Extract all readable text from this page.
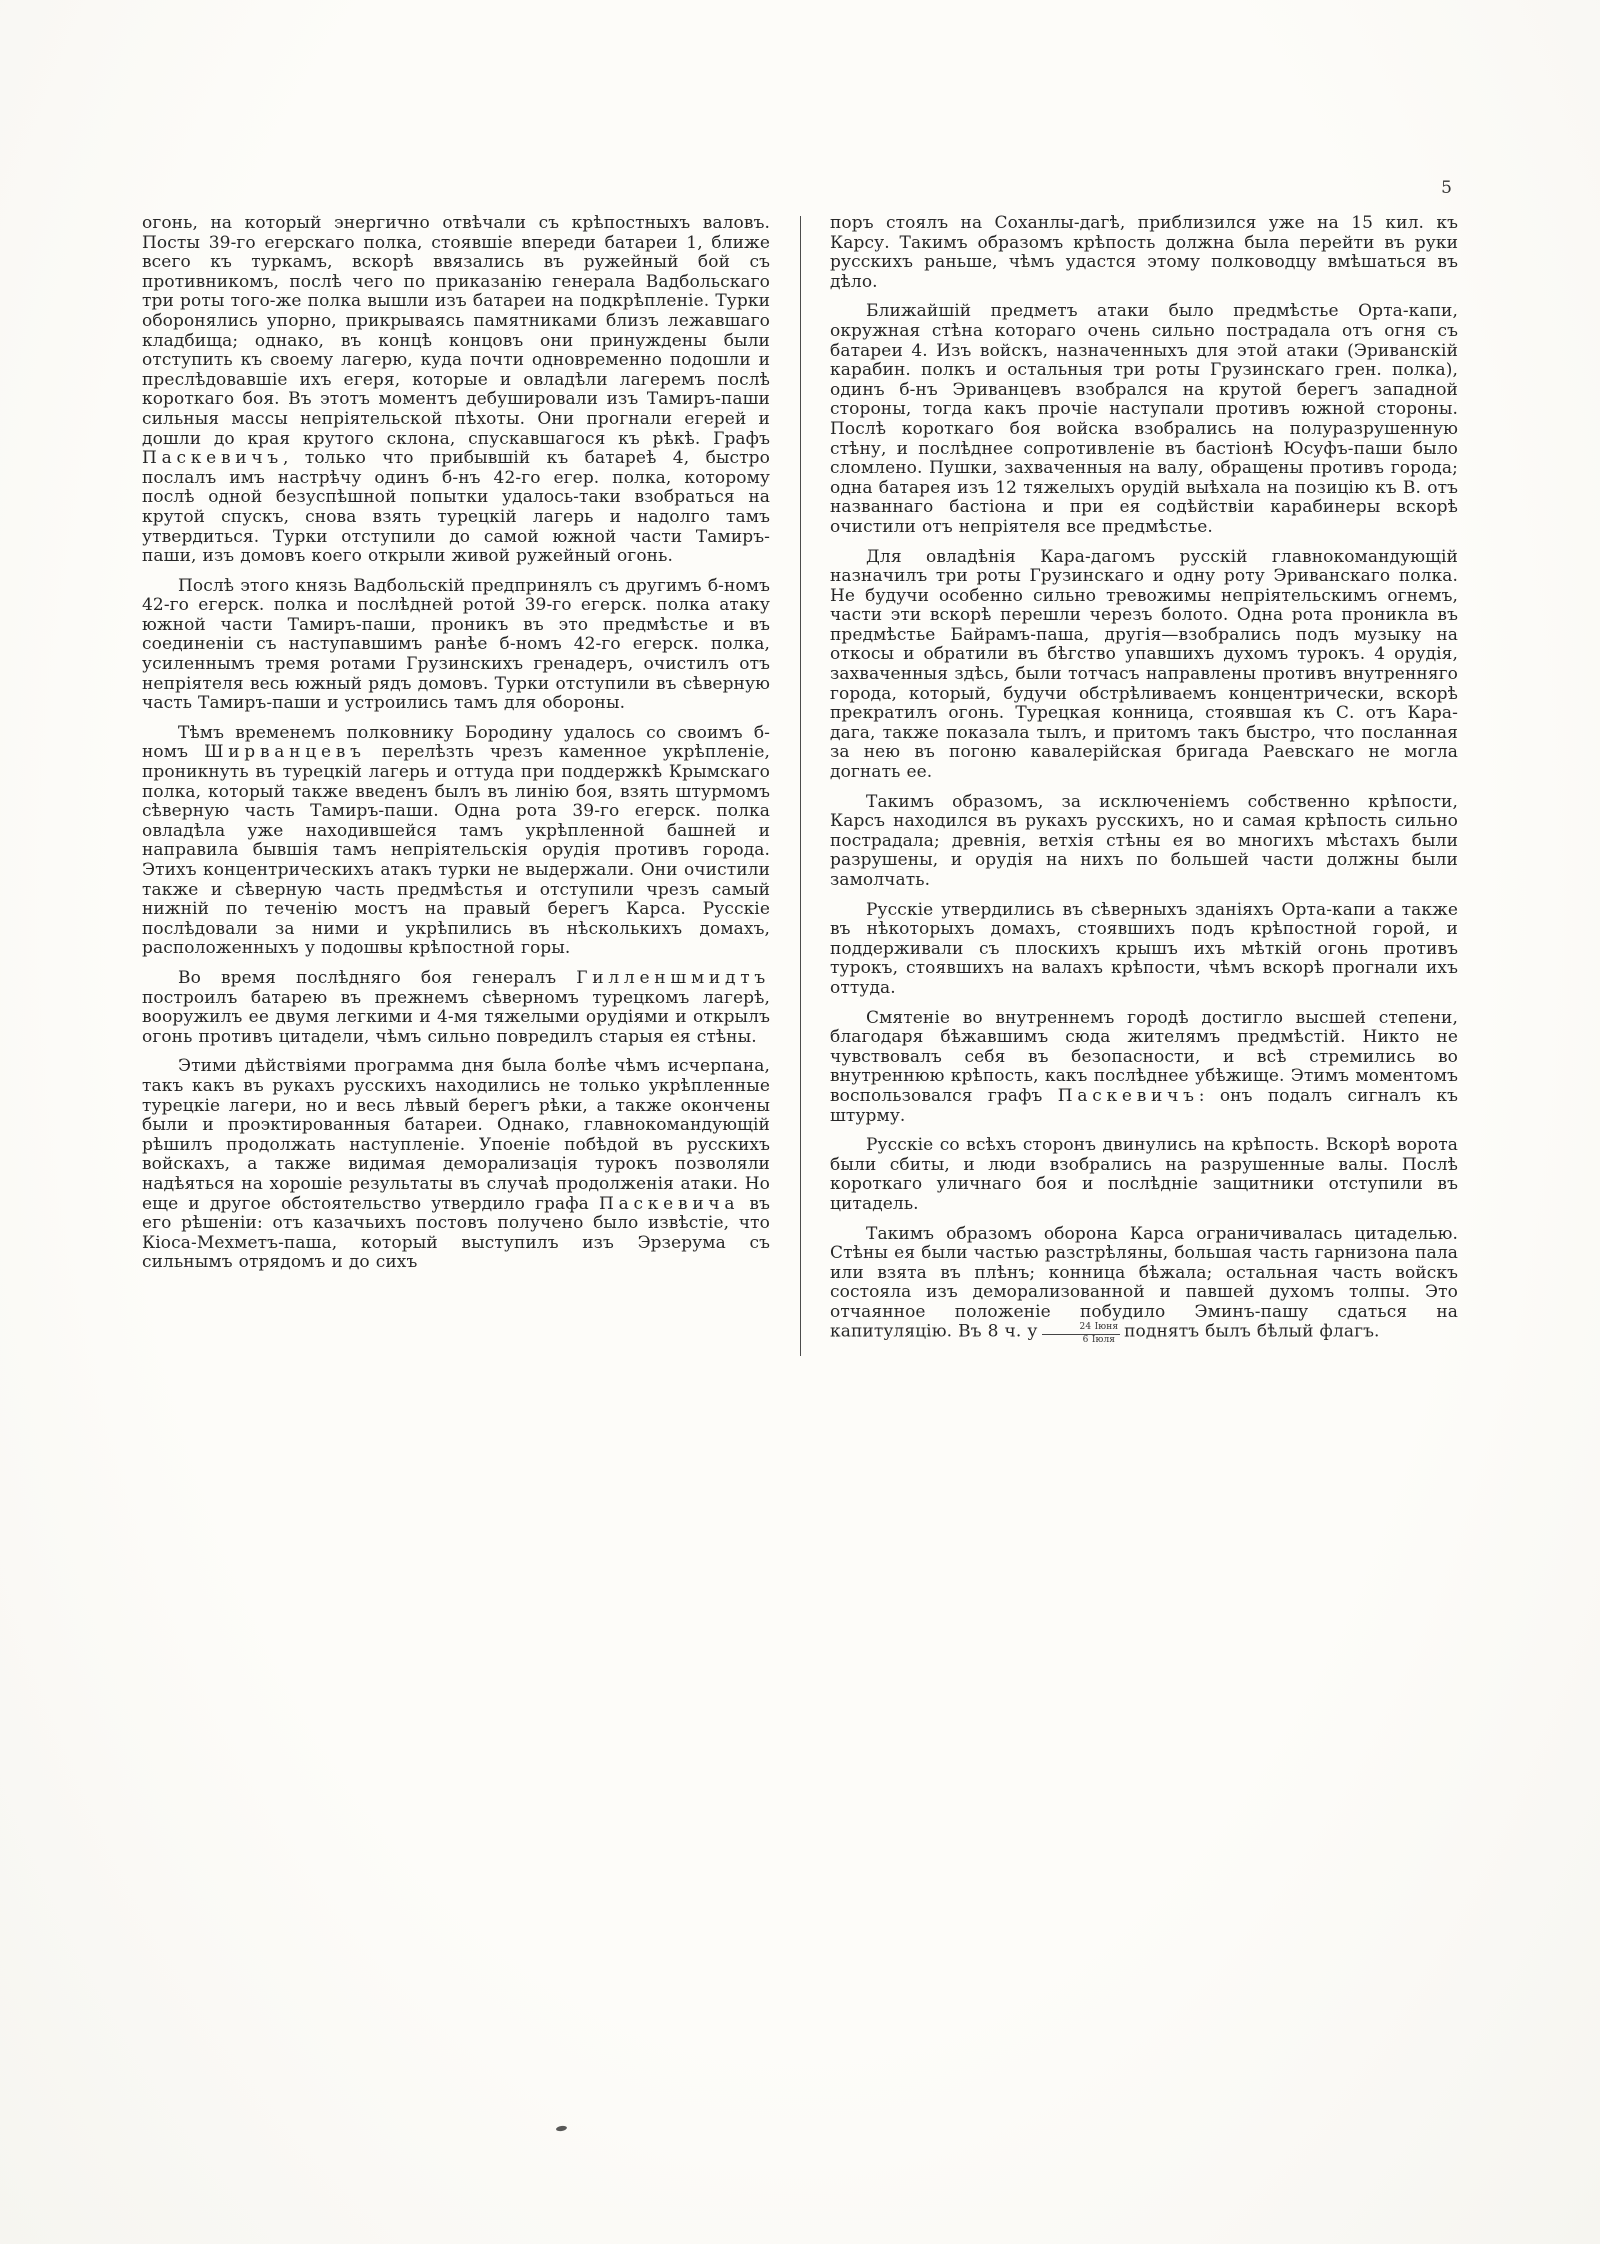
5

огонь, на который энергично отвѣчали съ крѣпостныхъ валовъ. Посты 39-го егерскаго полка, стоявшіе впереди батареи 1, ближе всего къ туркамъ, вскорѣ ввязались въ ружейный бой съ противникомъ, послѣ чего по приказанію генерала Вадбольскаго три роты того-же полка вышли изъ батареи на подкрѣпленіе. Турки оборонялись упорно, прикрываясь памятниками близъ лежавшаго кладбища; однако, въ концѣ концовъ они принуждены были отступить къ своему лагерю, куда почти одновременно подошли и преслѣдовавшіе ихъ егеря, которые и овладѣли лагеремъ послѣ короткаго боя. Въ этотъ моментъ дебушировали изъ Тамиръ-паши сильныя массы непріятельской пѣхоты. Они прогнали егерей и дошли до края крутого склона, спускавшагося къ рѣкѣ. Графъ Паскевичъ, только что прибывшій къ батареѣ 4, быстро послалъ имъ настрѣчу одинъ б-нъ 42-го егер. полка, которому послѣ одной безуспѣшной попытки удалось-таки взобраться на крутой спускъ, снова взять турецкій лагерь и надолго тамъ утвердиться. Турки отступили до самой южной части Тамиръ-паши, изъ домовъ коего открыли живой ружейный огонь.

Послѣ этого князь Вадбольскій предпринялъ съ другимъ б-номъ 42-го егерск. полка и послѣдней ротой 39-го егерск. полка атаку южной части Тамиръ-паши, проникъ въ это предмѣстье и въ соединеніи съ наступавшимъ ранѣе б-номъ 42-го егерск. полка, усиленнымъ тремя ротами Грузинскихъ гренадеръ, очистилъ отъ непріятеля весь южный рядъ домовъ. Турки отступили въ сѣверную часть Тамиръ-паши и устроились тамъ для обороны.

Тѣмъ временемъ полковнику Бородину удалось со своимъ б-номъ Ширванцевъ перелѣзть чрезъ каменное укрѣпленіе, проникнуть въ турецкій лагерь и оттуда при поддержкѣ Крымскаго полка, который также введенъ былъ въ линію боя, взять штурмомъ сѣверную часть Тамиръ-паши. Одна рота 39-го егерск. полка овладѣла уже находившейся тамъ укрѣпленной башней и направила бывшія тамъ непріятельскія орудія противъ города. Этихъ концентрическихъ атакъ турки не выдержали. Они очистили также и сѣверную часть предмѣстья и отступили чрезъ самый нижній по теченію мостъ на правый берегъ Карса. Русскіе послѣдовали за ними и укрѣпились въ нѣсколькихъ домахъ, расположенныхъ у подошвы крѣпостной горы.

Во время послѣдняго боя генералъ Гилленшмидтъ построилъ батарею въ прежнемъ сѣверномъ турецкомъ лагерѣ, вооружилъ ее двумя легкими и 4-мя тяжелыми орудіями и открылъ огонь противъ цитадели, чѣмъ сильно повредилъ старыя ея стѣны.

Этими дѣйствіями программа дня была болѣе чѣмъ исчерпана, такъ какъ въ рукахъ русскихъ находились не только укрѣпленные турецкіе лагери, но и весь лѣвый берегъ рѣки, а также окончены были и проэктированныя батареи. Однако, главнокомандующій рѣшилъ продолжать наступленіе. Упоеніе побѣдой въ русскихъ войскахъ, а также видимая деморализація турокъ позволяли надѣяться на хорошіе результаты въ случаѣ продолженія атаки. Но еще и другое обстоятельство утвердило графа Паскевича въ его рѣшеніи: отъ казачьихъ постовъ получено было извѣстіе, что Кіоса-Мехметъ-паша, который выступилъ изъ Эрзерума съ сильнымъ отрядомъ и до сихъ

поръ стоялъ на Соханлы-дагѣ, приблизился уже на 15 кил. къ Карсу. Такимъ образомъ крѣпость должна была перейти въ руки русскихъ раньше, чѣмъ удастся этому полководцу вмѣшаться въ дѣло.

Ближайшій предметъ атаки было предмѣстье Орта-капи, окружная стѣна котораго очень сильно пострадала отъ огня съ батареи 4. Изъ войскъ, назначенныхъ для этой атаки (Эриванскій карабин. полкъ и остальныя три роты Грузинскаго грен. полка), одинъ б-нъ Эриванцевъ взобрался на крутой берегъ западной стороны, тогда какъ прочіе наступали противъ южной стороны. Послѣ короткаго боя войска взобрались на полуразрушенную стѣну, и послѣднее сопротивленіе въ бастіонѣ Юсуфъ-паши было сломлено. Пушки, захваченныя на валу, обращены противъ города; одна батарея изъ 12 тяжелыхъ орудій выѣхала на позицію къ В. отъ названнаго бастіона и при ея содѣйствіи карабинеры вскорѣ очистили отъ непріятеля все предмѣстье.

Для овладѣнія Кара-дагомъ русскій главнокомандующій назначилъ три роты Грузинскаго и одну роту Эриванскаго полка. Не будучи особенно сильно тревожимы непріятельскимъ огнемъ, части эти вскорѣ перешли черезъ болото. Одна рота проникла въ предмѣстье Байрамъ-паша, другія—взобрались подъ музыку на откосы и обратили въ бѣгство упавшихъ духомъ турокъ. 4 орудія, захваченныя здѣсь, были тотчасъ направлены противъ внутренняго города, который, будучи обстрѣливаемъ концентрически, вскорѣ прекратилъ огонь. Турецкая конница, стоявшая къ С. отъ Кара-дага, также показала тылъ, и притомъ такъ быстро, что посланная за нею въ погоню кавалерійская бригада Раевскаго не могла догнать ее.

Такимъ образомъ, за исключеніемъ собственно крѣпости, Карсъ находился въ рукахъ русскихъ, но и самая крѣпость сильно пострадала; древнія, ветхія стѣны ея во многихъ мѣстахъ были разрушены, и орудія на нихъ по большей части должны были замолчать.

Русскіе утвердились въ сѣверныхъ зданіяхъ Орта-капи а также въ нѣкоторыхъ домахъ, стоявшихъ подъ крѣпостной горой, и поддерживали съ плоскихъ крышъ ихъ мѣткій огонь противъ турокъ, стоявшихъ на валахъ крѣпости, чѣмъ вскорѣ прогнали ихъ оттуда.

Смятеніе во внутреннемъ городѣ достигло высшей степени, благодаря бѣжавшимъ сюда жителямъ предмѣстій. Никто не чувствовалъ себя въ безопасности, и всѣ стремились во внутреннюю крѣпость, какъ послѣднее убѣжище. Этимъ моментомъ воспользовался графъ Паскевичъ: онъ подалъ сигналъ къ штурму.

Русскіе со всѣхъ сторонъ двинулись на крѣпость. Вскорѣ ворота были сбиты, и люди взобрались на разрушенные валы. Послѣ короткаго уличнаго боя и послѣдніе защитники отступили въ цитадель.

Такимъ образомъ оборона Карса ограничивалась цитаделью. Стѣны ея были частью разстрѣляны, большая часть гарнизона пала или взята въ плѣнъ; конница бѣжала; остальная часть войскъ состояла изъ деморализованной и павшей духомъ толпы. Это отчаянное положеніе побудило Эминъ-пашу сдаться на капитуляцію. Въ 8 ч. у $\frac{\text{24 Іюня}}{\text{6 Іюля}}$ поднятъ былъ бѣлый флагъ.
